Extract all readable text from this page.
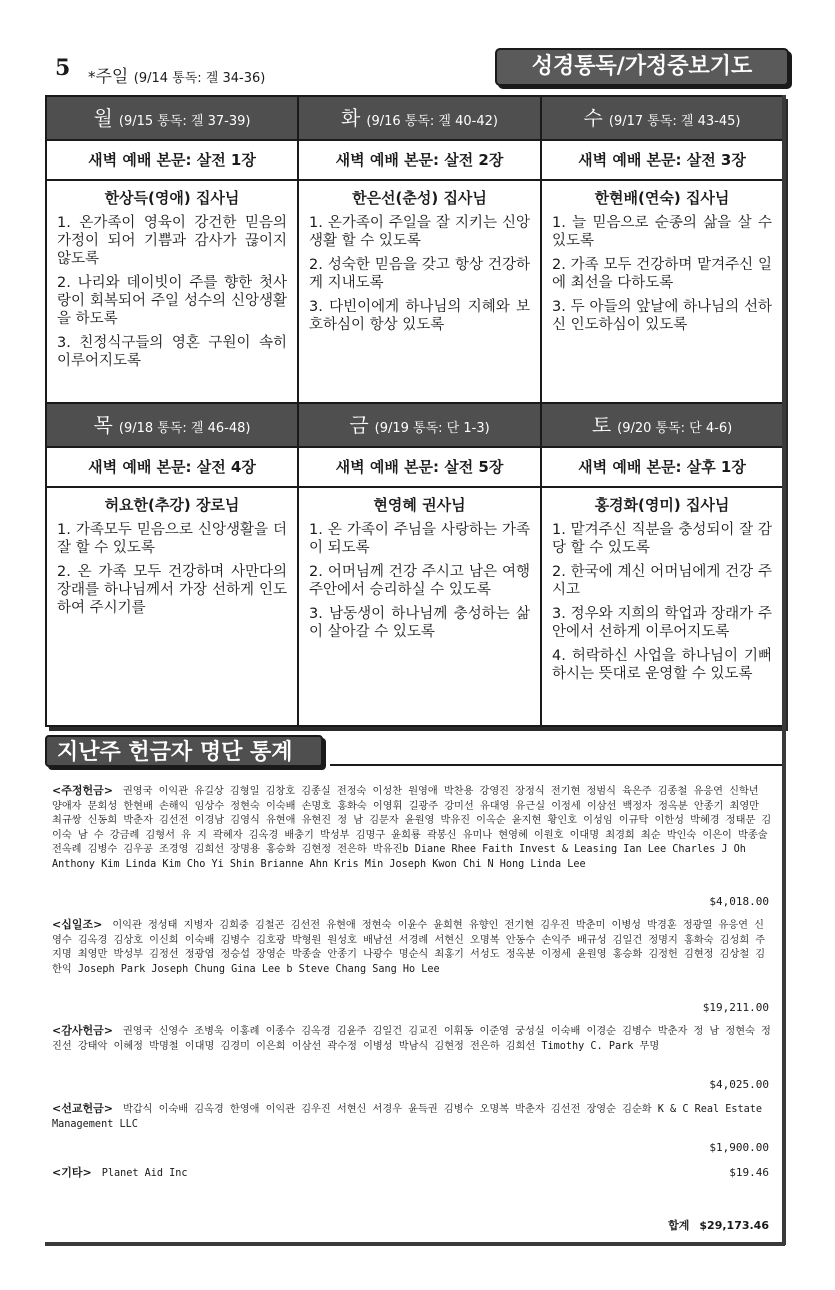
5 *주일 (9/14 통독: 겔 34-36)	성경통독/가정중보기도
월 (9/15 통독: 겔 37-39)
새벽 예배 본문: 살전 1장
한상득(영애) 집사님
1. 온가족이 영육이 강건한 믿음의 가정이 되어 기쁨과 감사가 끊이지 않도록
2. 나리와 데이빗이 주를 향한 첫사랑이 회복되어 주일 성수의 신앙생활을 하도록
3. 친정식구들의 영혼 구원이 속히 이루어지도록
화 (9/16 통독: 겔 40-42)
새벽 예배 본문: 살전 2장
한은선(춘성) 집사님
1. 온가족이 주일을 잘 지키는 신앙생활 할 수 있도록
2. 성숙한 믿음을 갖고 항상 건강하게 지내도록
3. 다빈이에게 하나님의 지혜와 보호하심이 항상 있도록
수 (9/17 통독: 겔 43-45)
새벽 예배 본문: 살전 3장
한현배(연숙) 집사님
1. 늘 믿음으로 순종의 삶을 살 수 있도록
2. 가족 모두 건강하며 맡겨주신 일에 최선을 다하도록
3. 두 아들의 앞날에 하나님의 선하신 인도하심이 있도록
목 (9/18 통독: 겔 46-48)
새벽 예배 본문: 살전 4장
허요한(추강) 장로님
1. 가족모두 믿음으로 신앙생활을 더 잘 할 수 있도록
2. 온 가족 모두 건강하며 사만다의 장래를 하나님께서 가장 선하게 인도하여 주시기를
금 (9/19 통독: 단 1-3)
새벽 예배 본문: 살전 5장
현영혜 권사님
1. 온 가족이 주님을 사랑하는 가족이 되도록
2. 어머님께 건강 주시고 남은 여행 주안에서 승리하실 수 있도록
3. 남동생이 하나님께 충성하는 삶이 살아갈 수 있도록
토 (9/20 통독: 단 4-6)
새벽 예배 본문: 살후 1장
홍경화(영미) 집사님
1. 맡겨주신 직분을 충성되이 잘 감당 할 수 있도록
2. 한국에 계신 어머님에게 건강 주시고
3. 정우와 지희의 학업과 장래가 주안에서 선하게 이루어지도록
4. 허락하신 사업을 하나님이 기뻐하시는 뜻대로 운영할 수 있도록
지난주 헌금자 명단 통계
<주정헌금> 권영국 이익관 유길상 김형일 김창호 김종실 전정숙 이성찬 원영애 박찬용 강영진 장정식 전기현 정범식 육은주 김종철 유응연 신학년 양애자 문회성 한현배 손해익 임상수 정현숙 이숙배 손명호 홍화숙 이영휘 길광주 강미선 유대영 유근실 이정세 이삼선 백정자 정옥분 안종기 최영만 최규쌍 신동희 박춘자 김선전 이경남 김영식 유현애 유현진 정 남 김문자 윤원영 박유진 이옥순 윤지현 황인호 이성임 이규탁 이한성 박혜경 정태문 김이숙 남 수 강금례 김형서 유 지 곽혜자 김옥경 배충기 박성부 김명구 윤희룡 곽봉신 유미나 현영혜 이원호 이대명 최경희 최순 박인숙 이은이 박종술 전옥례 김병수 김우공 조경영 김희선 장명용 홍승화 김현정 전은하 박유진b Diane Rhee Faith Invest & Leasing Ian Lee Charles J Oh Anthony Kim Linda Kim Cho Yi Shin Brianne Ahn Kris Min Joseph Kwon Chi N Hong Linda Lee
$4,018.00
<십일조> 이익관 정성태 지병자 김희중 김철곤 김선전 유현애 정현숙 이윤수 윤희현 유향인 전기현 김우진 박춘미 이병성 박경훈 정광열 유응연 신영수 김옥경 김상호 이신희 이숙배 김병수 김호광 박형원 원성호 배남선 서경례 서현신 오명복 안동수 손익주 배규성 김일건 정명지 홍화숙 김성희 주지명 최영만 박성부 김정선 정광엽 정승섭 장영순 박종술 안종기 나광수 명순식 최홍기 서성도 정옥분 이정세 윤원영 홍승화 김정헌 김현정 김상철 김한익 Joseph Park Joseph Chung Gina Lee b Steve Chang Sang Ho Lee
$19,211.00
<감사헌금> 권영국 신영수 조병욱 이홍례 이종수 김옥경 김윤주 김일건 김교진 이휘동 이준영 궁성실 이숙배 이경순 김병수 박춘자 정 남 정현숙 정진선 강태악 이혜정 박명철 이대명 김경미 이은희 이삼선 곽수정 이병성 박남식 김현정 전은하 김희선 Timothy C. Park 무명
$4,025.00
<선교헌금> 박갑식 이숙배 김옥경 한영애 이익관 김우진 서현신 서경우 윤득권 김병수 오명복 박춘자 김선전 장영순 김순화 K & C Real Estate Management LLC
$1,900.00
<기타> Planet Aid Inc	$19.46
합계 $29,173.46
